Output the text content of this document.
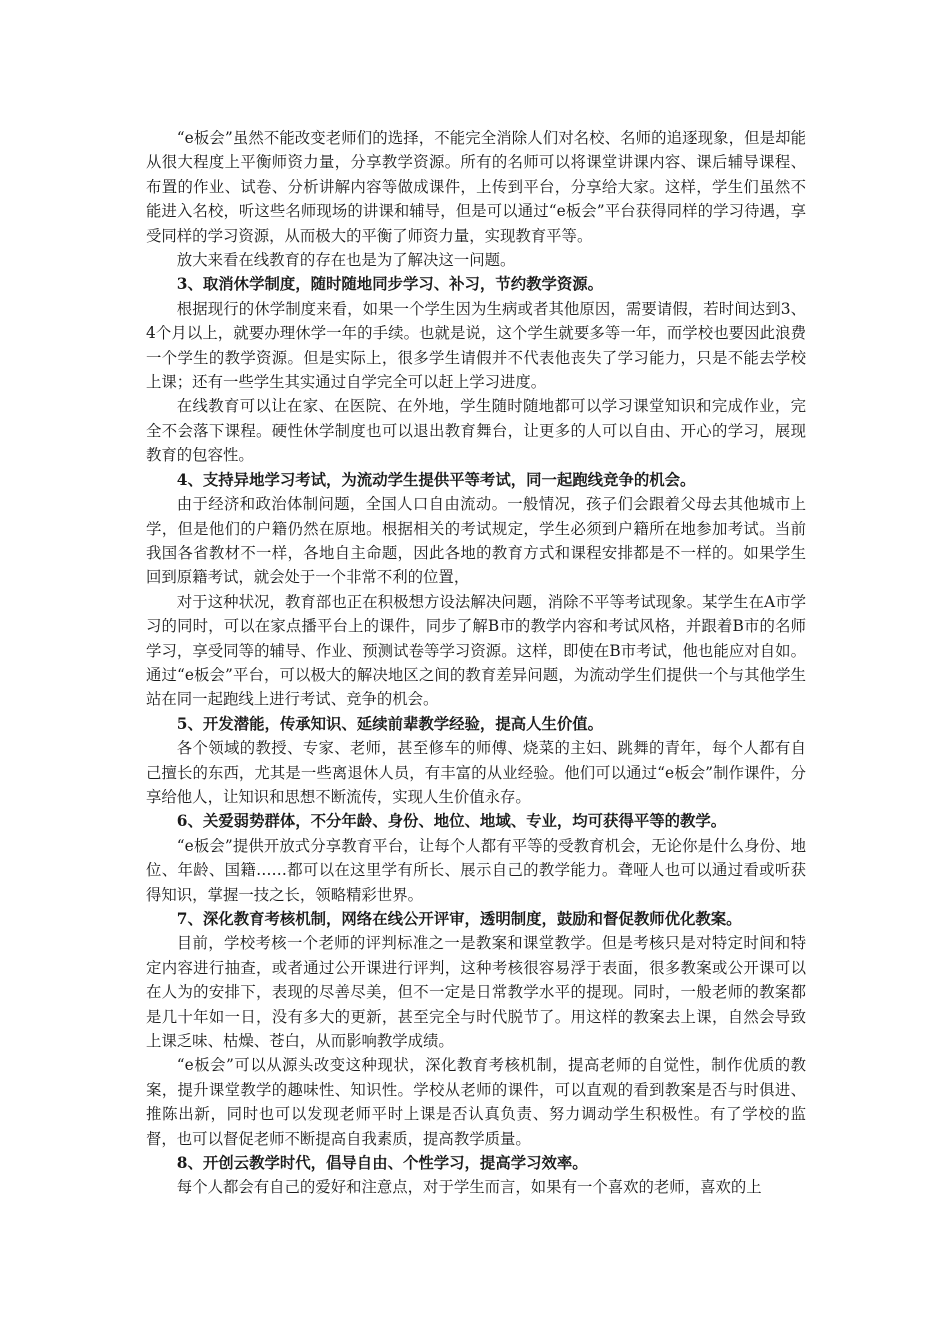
“e板会”虽然不能改变老师们的选择，不能完全消除人们对名校、名师的追逐现象，但是却能从很大程度上平衡师资力量，分享教学资源。所有的名师可以将课堂讲课内容、课后辅导课程、布置的作业、试卷、分析讲解内容等做成课件，上传到平台，分享给大家。这样，学生们虽然不能进入名校，听这些名师现场的讲课和辅导，但是可以通过“e板会”平台获得同样的学习待遇，享受同样的学习资源，从而极大的平衡了师资力量，实现教育平等。

放大来看在线教育的存在也是为了解决这一问题。

3、取消休学制度，随时随地同步学习、补习，节约教学资源。

根据现行的休学制度来看，如果一个学生因为生病或者其他原因，需要请假，若时间达到3、4个月以上，就要办理休学一年的手续。也就是说，这个学生就要多等一年，而学校也要因此浪费一个学生的教学资源。但是实际上，很多学生请假并不代表他丧失了学习能力，只是不能去学校上课；还有一些学生其实通过自学完全可以赶上学习进度。

在线教育可以让在家、在医院、在外地，学生随时随地都可以学习课堂知识和完成作业，完全不会落下课程。硬性休学制度也可以退出教育舞台，让更多的人可以自由、开心的学习，展现教育的包容性。

4、支持异地学习考试，为流动学生提供平等考试，同一起跑线竞争的机会。

由于经济和政治体制问题，全国人口自由流动。一般情况，孩子们会跟着父母去其他城市上学，但是他们的户籍仍然在原地。根据相关的考试规定，学生必须到户籍所在地参加考试。当前我国各省教材不一样，各地自主命题，因此各地的教育方式和课程安排都是不一样的。如果学生回到原籍考试，就会处于一个非常不利的位置，

对于这种状况，教育部也正在积极想方设法解决问题，消除不平等考试现象。某学生在A市学习的同时，可以在家点播平台上的课件，同步了解B市的教学内容和考试风格，并跟着B市的名师学习，享受同等的辅导、作业、预测试卷等学习资源。这样，即使在B市考试，他也能应对自如。通过“e板会”平台，可以极大的解决地区之间的教育差异问题，为流动学生们提供一个与其他学生站在同一起跑线上进行考试、竞争的机会。

5、开发潜能，传承知识、延续前辈教学经验，提高人生价值。

各个领域的教授、专家、老师，甚至修车的师傅、烧菜的主妇、跳舞的青年，每个人都有自己擅长的东西，尤其是一些离退休人员，有丰富的从业经验。他们可以通过“e板会”制作课件，分享给他人，让知识和思想不断流传，实现人生价值永存。

6、关爱弱势群体，不分年龄、身份、地位、地域、专业，均可获得平等的教学。

“e板会”提供开放式分享教育平台，让每个人都有平等的受教育机会，无论你是什么身份、地位、年龄、国籍……都可以在这里学有所长、展示自己的教学能力。聋哑人也可以通过看或听获得知识，掌握一技之长，领略精彩世界。

7、深化教育考核机制，网络在线公开评审，透明制度，鼓励和督促教师优化教案。

目前，学校考核一个老师的评判标准之一是教案和课堂教学。但是考核只是对特定时间和特定内容进行抽查，或者通过公开课进行评判，这种考核很容易浮于表面，很多教案或公开课可以在人为的安排下，表现的尽善尽美，但不一定是日常教学水平的提现。同时，一般老师的教案都是几十年如一日，没有多大的更新，甚至完全与时代脱节了。用这样的教案去上课，自然会导致上课乏味、枯燥、苍白，从而影响教学成绩。

“e板会”可以从源头改变这种现状，深化教育考核机制，提高老师的自觉性，制作优质的教案，提升课堂教学的趣味性、知识性。学校从老师的课件，可以直观的看到教案是否与时俱进、推陈出新，同时也可以发现老师平时上课是否认真负责、努力调动学生积极性。有了学校的监督，也可以督促老师不断提高自我素质，提高教学质量。

8、开创云教学时代，倡导自由、个性学习，提高学习效率。

每个人都会有自己的爱好和注意点，对于学生而言，如果有一个喜欢的老师，喜欢的上
